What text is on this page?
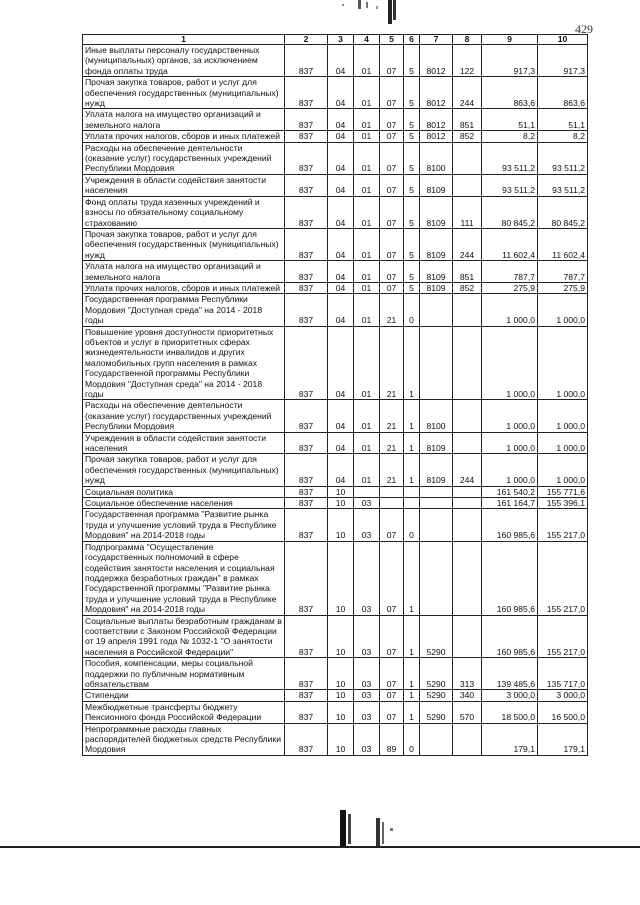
429
1	2	3	4	5	6	7	8	9	10
Иные выплаты персоналу государственных (муниципальных) органов, за исключением фонда оплаты труда	837	04	01	07	5	8012	122	917,3	917,3
Прочая закупка товаров, работ и услуг для обеспечения государственных (муниципальных) нужд	837	04	01	07	5	8012	244	863,6	863,6
Уплата налога на имущество организаций и земельного налога	837	04	01	07	5	8012	851	51,1	51,1
Уплата прочих налогов, сборов и иных платежей	837	04	01	07	5	8012	852	8,2	8,2
Расходы на обеспечение деятельности (оказание услуг) государственных учреждений Республики Мордовия	837	04	01	07	5	8100		93 511,2	93 511,2
Учреждения в области содействия занятости населения	837	04	01	07	5	8109		93 511,2	93 511,2
Фонд оплаты труда казенных учреждений и взносы по обязательному социальному страхованию	837	04	01	07	5	8109	111	80 845,2	80 845,2
Прочая закупка товаров, работ и услуг для обеспечения государственных (муниципальных) нужд	837	04	01	07	5	8109	244	11 602,4	11 602,4
Уплата налога на имущество организаций и земельного налога	837	04	01	07	5	8109	851	787,7	787,7
Уплата прочих налогов, сборов и иных платежей	837	04	01	07	5	8109	852	275,9	275,9
Государственная программа Республики Мордовия "Доступная среда" на 2014 - 2018 годы	837	04	01	21	0			1 000,0	1 000,0
Повышение уровня доступности приоритетных объектов и услуг в приоритетных сферах жизнедеятельности инвалидов и других маломобильных групп населения в рамках Государственной программы Республики Мордовия "Доступная среда" на 2014 - 2018 годы	837	04	01	21	1			1 000,0	1 000,0
Расходы на обеспечение деятельности (оказание услуг) государственных учреждений Республики Мордовия	837	04	01	21	1	8100		1 000,0	1 000,0
Учреждения в области содействия занятости населения	837	04	01	21	1	8109		1 000,0	1 000,0
Прочая закупка товаров, работ и услуг для обеспечения государственных (муниципальных) нужд	837	04	01	21	1	8109	244	1 000,0	1 000,0
Социальная политика	837	10						161 540,2	155 771,6
Социальное обеспечение населения	837	10	03					161 164,7	155 396,1
Государственная программа "Развитие рынка труда и улучшение условий труда в Республике Мордовия" на 2014-2018 годы	837	10	03	07	0			160 985,6	155 217,0
Подпрограмма "Осуществление государственных полномочий в сфере содействия занятости населения и социальная поддержка безработных граждан" в рамках Государственной программы "Развитие рынка труда и улучшение условий труда в Республике Мордовия" на 2014-2018 годы	837	10	03	07	1			160 985,6	155 217,0
Социальные выплаты безработным гражданам в соответствии с Законом Российской Федерации от 19 апреля 1991 года № 1032-1 "О занятости населения в Российской Федерации"	837	10	03	07	1	5290		160 985,6	155 217,0
Пособия, компенсации, меры социальной поддержки по публичным нормативным обязательствам	837	10	03	07	1	5290	313	139 485,6	135 717,0
Стипендии	837	10	03	07	1	5290	340	3 000,0	3 000,0
Межбюджетные трансферты бюджету Пенсионного фонда Российской Федерации	837	10	03	07	1	5290	570	18 500,0	16 500,0
Непрограммные расходы главных распорядителей бюджетных средств Республики Мордовия	837	10	03	89	0			179,1	179,1
